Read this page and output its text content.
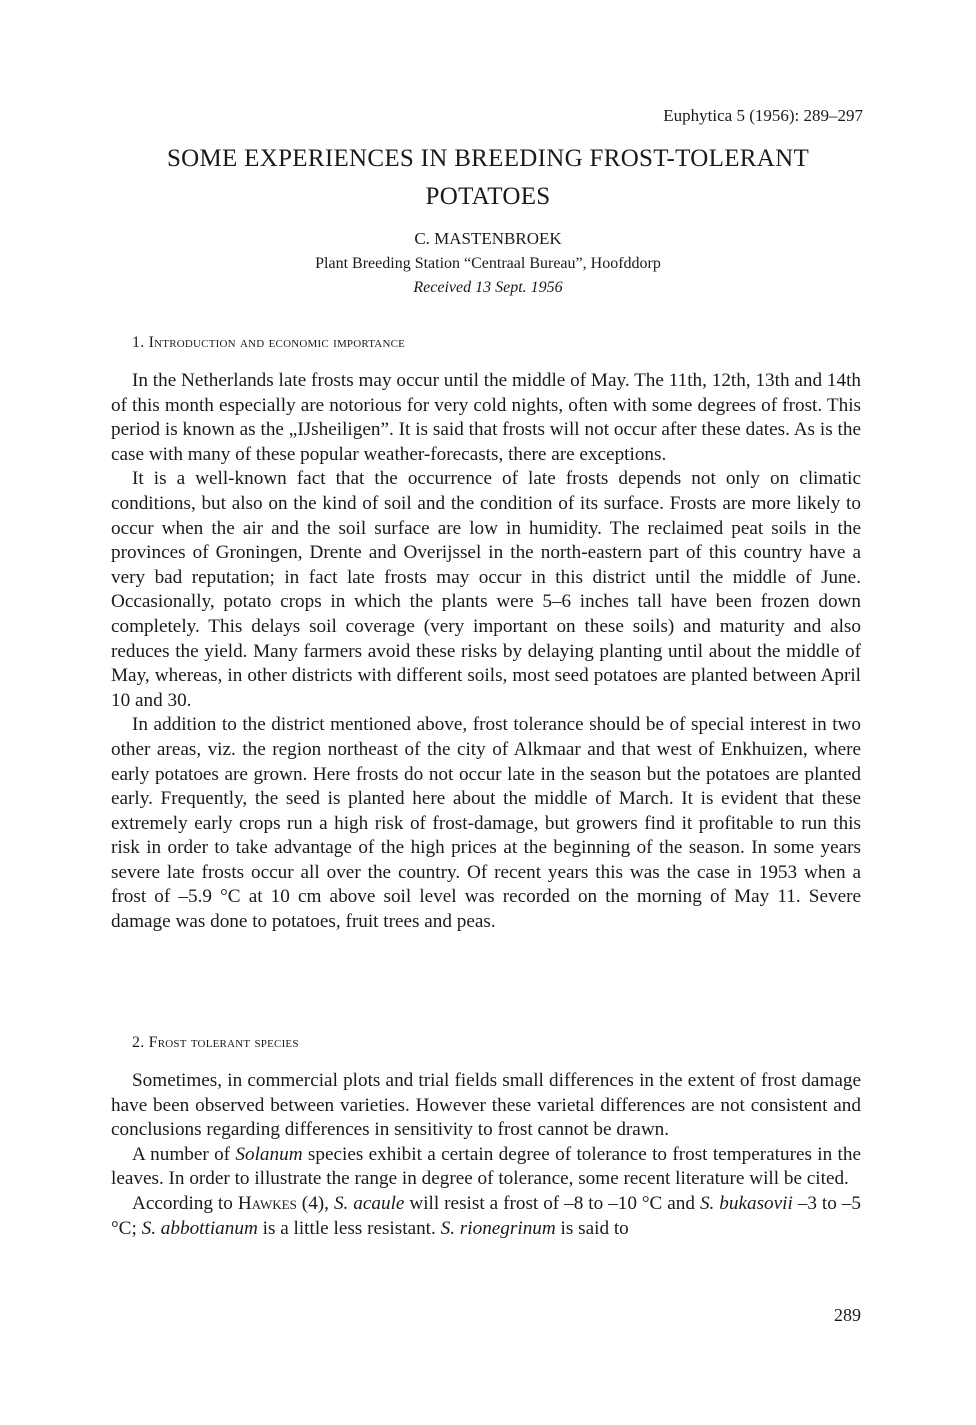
Euphytica 5 (1956): 289–297
SOME EXPERIENCES IN BREEDING FROST-TOLERANT
POTATOES
C. MASTENBROEK
Plant Breeding Station “Centraal Bureau”, Hoofddorp
Received 13 Sept. 1956
1. Introduction and economic importance

In the Netherlands late frosts may occur until the middle of May. The 11th, 12th, 13th and 14th of this month especially are notorious for very cold nights, often with some degrees of frost. This period is known as the „IJsheiligen”. It is said that frosts will not occur after these dates. As is the case with many of these popular weather-forecasts, there are exceptions.

It is a well-known fact that the occurrence of late frosts depends not only on climatic conditions, but also on the kind of soil and the condition of its surface. Frosts are more likely to occur when the air and the soil surface are low in humidity. The reclaimed peat soils in the provinces of Groningen, Drente and Overijssel in the north-eastern part of this country have a very bad reputation; in fact late frosts may occur in this district until the middle of June. Occasionally, potato crops in which the plants were 5–6 inches tall have been frozen down completely. This delays soil coverage (very important on these soils) and maturity and also reduces the yield. Many farmers avoid these risks by delaying planting until about the middle of May, whereas, in other districts with different soils, most seed potatoes are planted between April 10 and 30.

In addition to the district mentioned above, frost tolerance should be of special interest in two other areas, viz. the region northeast of the city of Alkmaar and that west of Enkhuizen, where early potatoes are grown. Here frosts do not occur late in the season but the potatoes are planted early. Frequently, the seed is planted here about the middle of March. It is evident that these extremely early crops run a high risk of frost-damage, but growers find it profitable to run this risk in order to take advantage of the high prices at the beginning of the season. In some years severe late frosts occur all over the country. Of recent years this was the case in 1953 when a frost of –5.9 °C at 10 cm above soil level was recorded on the morning of May 11. Severe damage was done to potatoes, fruit trees and peas.

2. Frost tolerant species

Sometimes, in commercial plots and trial fields small differences in the extent of frost damage have been observed between varieties. However these varietal differences are not consistent and conclusions regarding differences in sensitivity to frost cannot be drawn.

A number of Solanum species exhibit a certain degree of tolerance to frost temperatures in the leaves. In order to illustrate the range in degree of tolerance, some recent literature will be cited.

According to Hawkes (4), S. acaule will resist a frost of –8 to –10 °C and S. bukasovii –3 to –5 °C; S. abbottianum is a little less resistant. S. rionegrinum is said to

289
